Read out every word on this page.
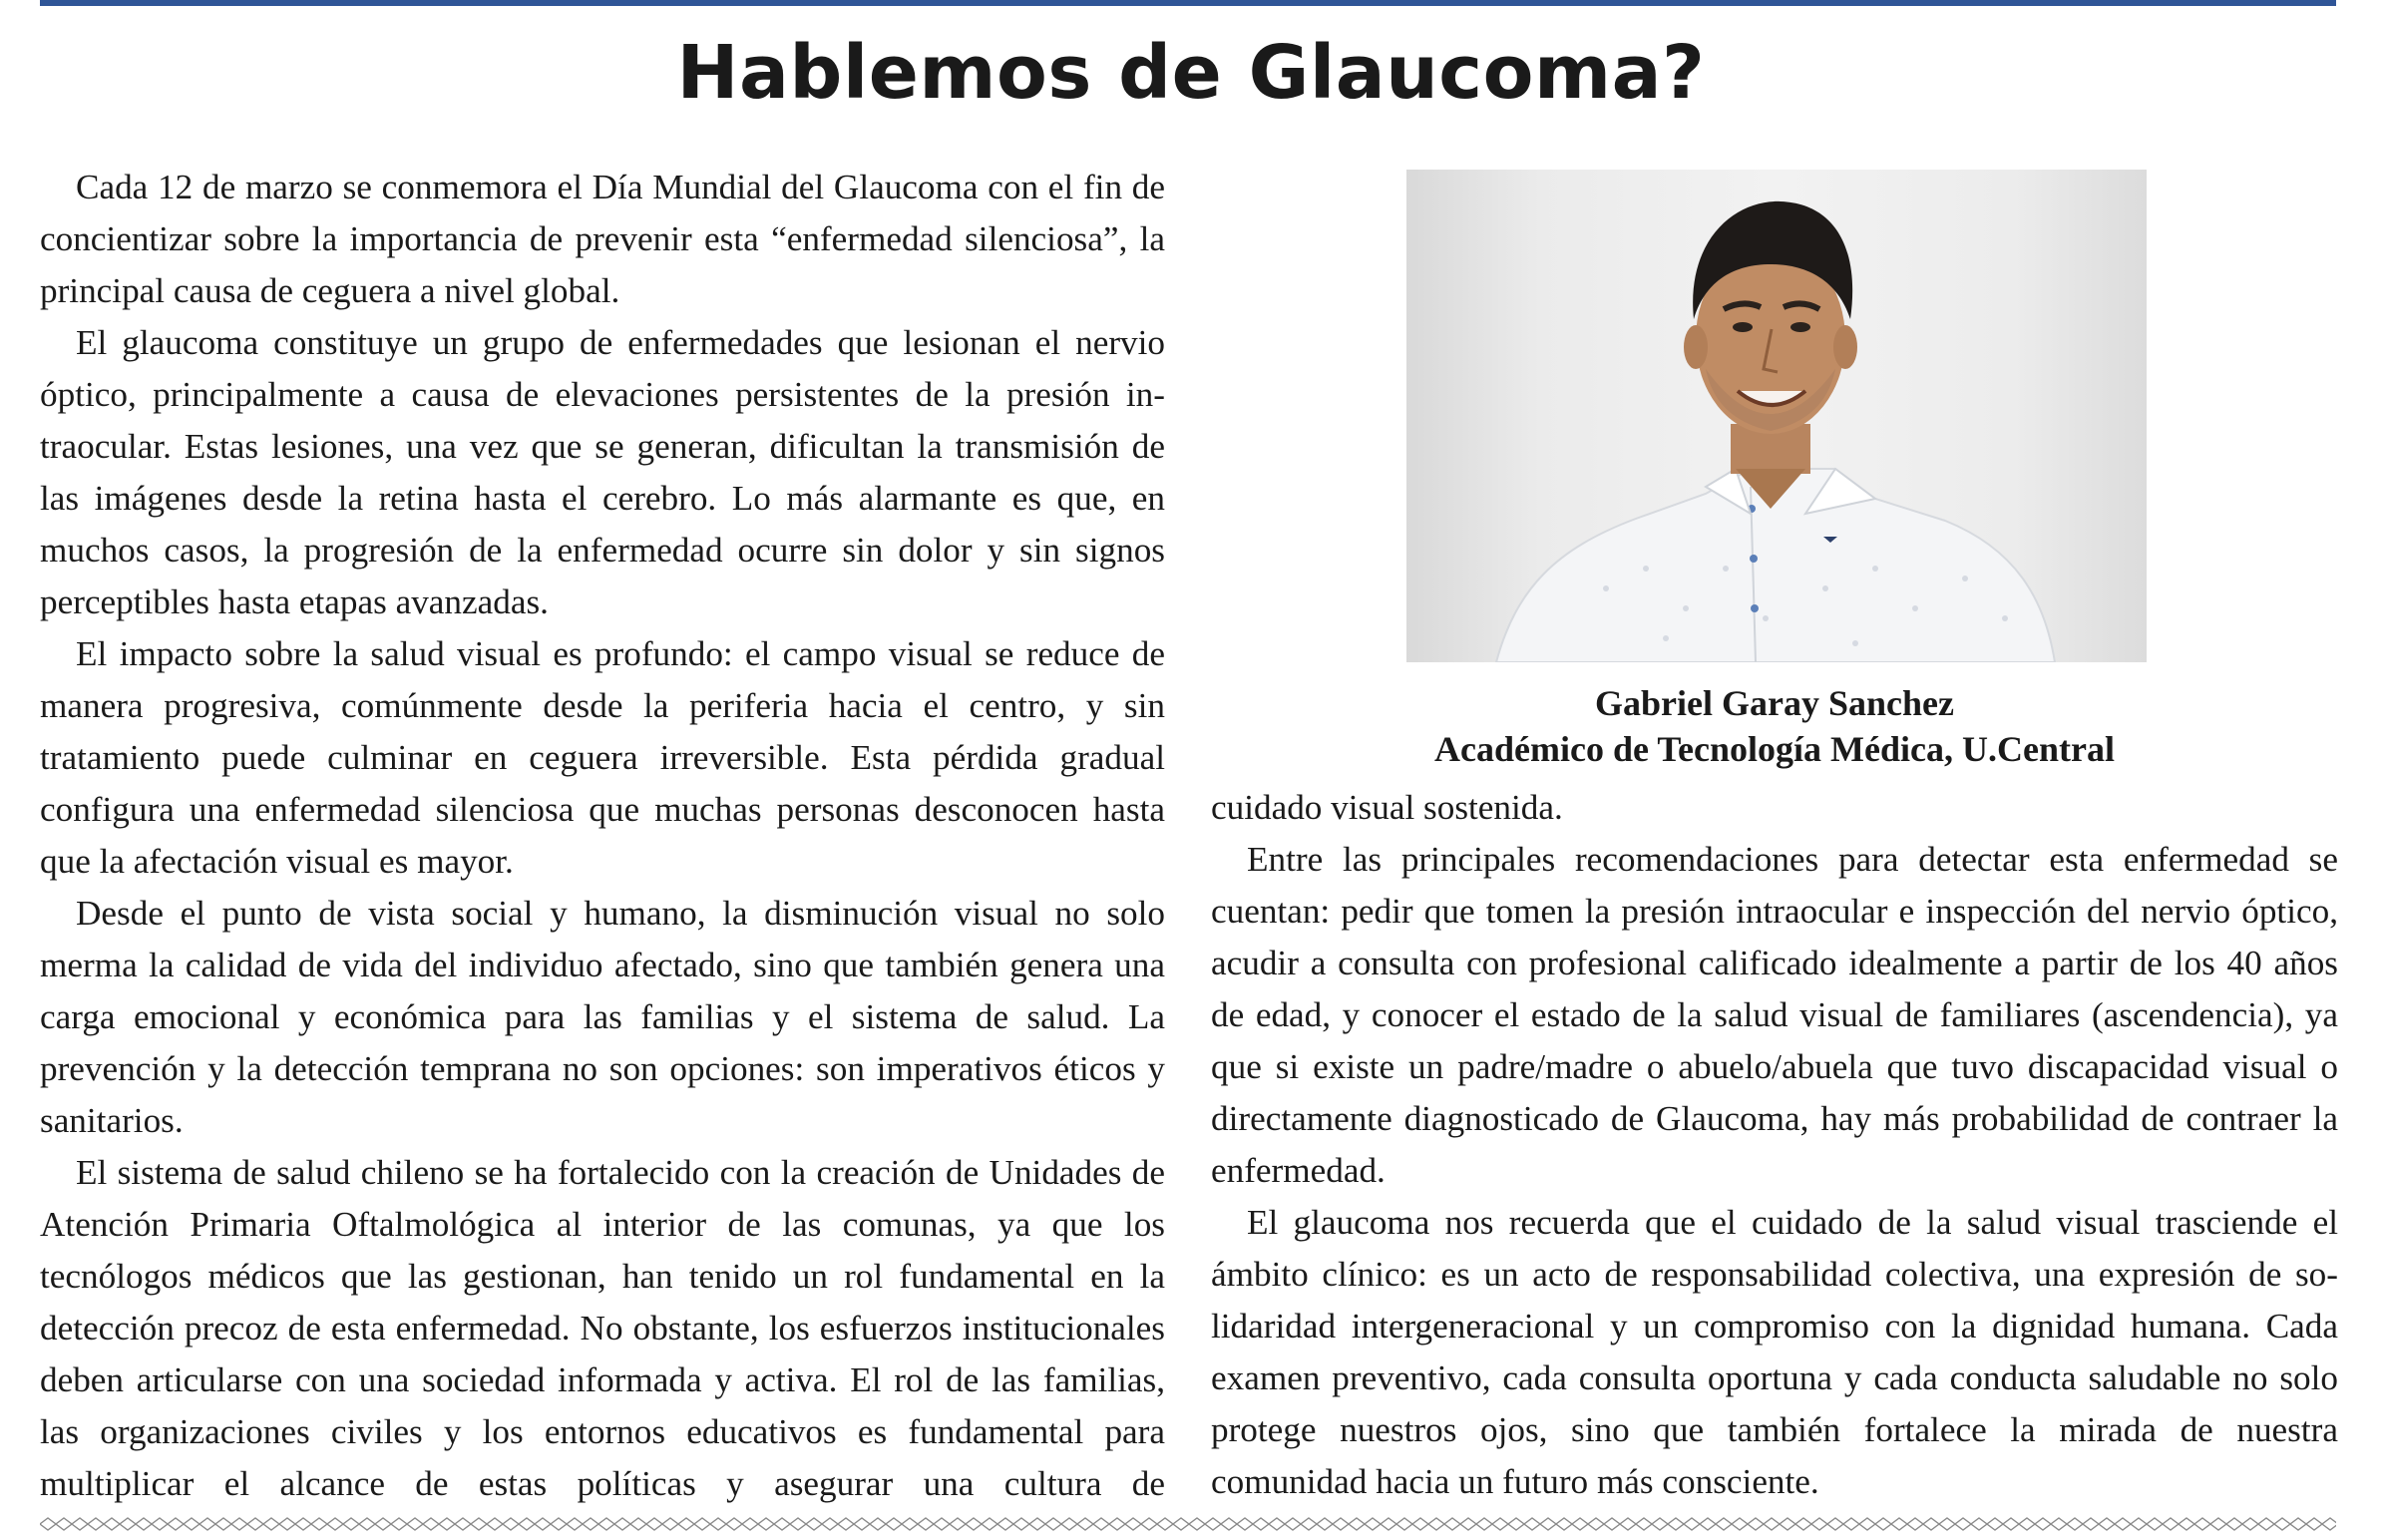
Hablemos de Glaucoma?

Cada 12 de marzo se conmemora el Día Mundial del Glaucoma con el fin de concientizar sobre la importancia de prevenir esta “enfermedad silenciosa”, la principal causa de ceguera a nivel global.

El glaucoma constituye un grupo de enfermedades que lesionan el nervio óptico, principalmente a causa de elevaciones persistentes de la presión intraocular. Estas lesiones, una vez que se generan, dificultan la transmisión de las imágenes desde la retina hasta el cerebro. Lo más alarmante es que, en muchos casos, la progresión de la enfermedad ocurre sin dolor y sin signos perceptibles hasta etapas avanzadas.

El impacto sobre la salud visual es profundo: el campo visual se reduce de manera progresiva, comúnmente desde la periferia hacia el centro, y sin tratamiento puede culminar en ceguera irreversible. Esta pérdida gradual configura una enfermedad silenciosa que muchas personas desconocen hasta que la afectación visual es mayor.

Desde el punto de vista social y humano, la disminución visual no solo merma la calidad de vida del individuo afectado, sino que también genera una carga emocional y económica para las familias y el sistema de salud. La prevención y la detección temprana no son opciones: son imperativos éticos y sanitarios.

El sistema de salud chileno se ha fortalecido con la creación de Unidades de Atención Primaria Oftalmológica al interior de las comunas, ya que los tecnólogos médicos que las gestionan, han tenido un rol fundamental en la detección precoz de esta enfermedad. No obstante, los esfuerzos institucionales deben articularse con una sociedad informada y activa. El rol de las familias, las organizaciones civiles y los entornos educativos es fundamental para multiplicar el alcance de estas políticas y asegurar una cultura de

Gabriel Garay Sanchez
Académico de Tecnología Médica, U.Central

cuidado visual sostenida.

Entre las principales recomendaciones para detectar esta enfermedad se cuentan: pedir que tomen la presión intraocular e inspección del nervio óptico, acudir a consulta con profesional calificado idealmente a partir de los 40 años de edad, y conocer el estado de la salud visual de familiares (ascendencia), ya que si existe un padre/madre o abuelo/abuela que tuvo discapacidad visual o directamente diagnosticado de Glaucoma, hay más probabilidad de contraer la enfermedad.

El glaucoma nos recuerda que el cuidado de la salud visual trasciende el ámbito clínico: es un acto de responsabilidad colectiva, una expresión de solidaridad intergeneracional y un compromiso con la dignidad humana. Cada examen preventivo, cada consulta oportuna y cada conducta saludable no solo protege nuestros ojos, sino que también fortalece la mirada de nuestra comunidad hacia un futuro más consciente.
